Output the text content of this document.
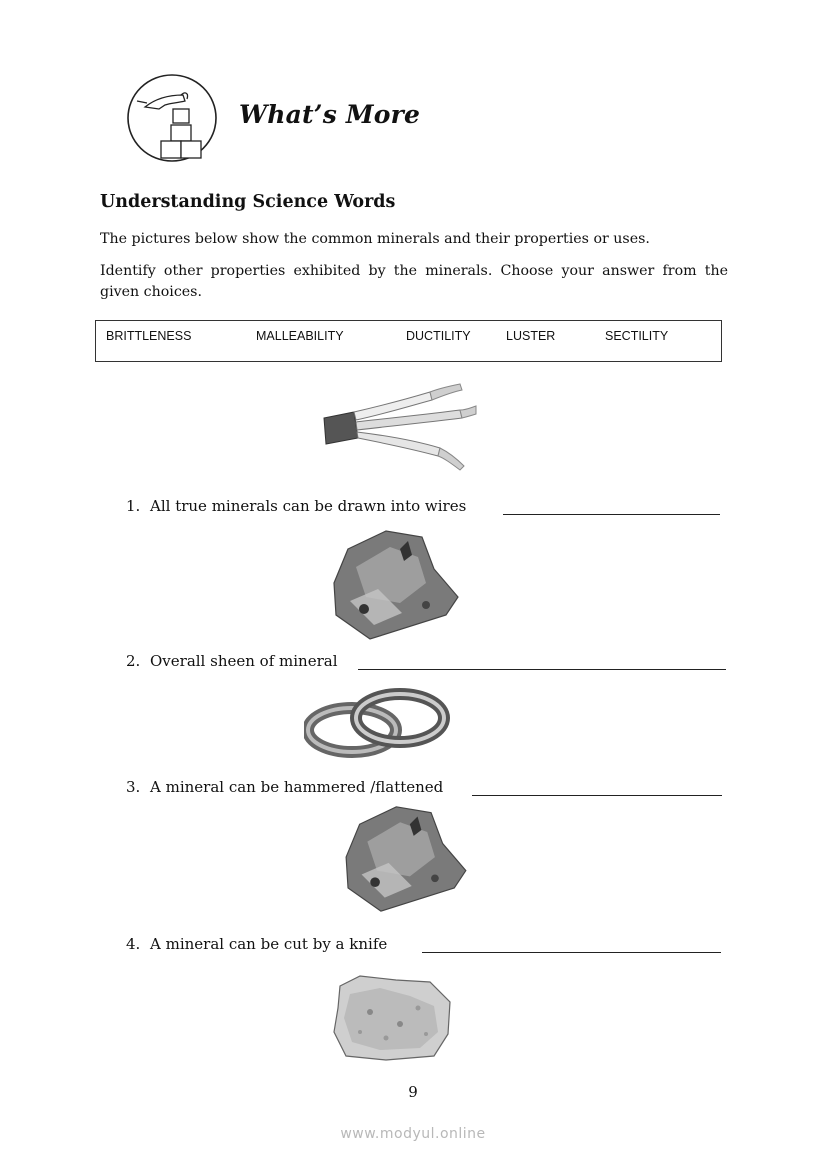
What’s More
Understanding Science Words
The pictures below show the common minerals and their properties or uses.
Identify other properties exhibited by the minerals. Choose your answer from the given choices.
BRITTLENESS	MALLEABILITY	DUCTILITY	LUSTER	SECTILITY
1. All true minerals can be drawn into wires
2. Overall sheen of mineral
3. A mineral can be hammered /flattened
4. A mineral can be cut by a knife
9
www.modyul.online
